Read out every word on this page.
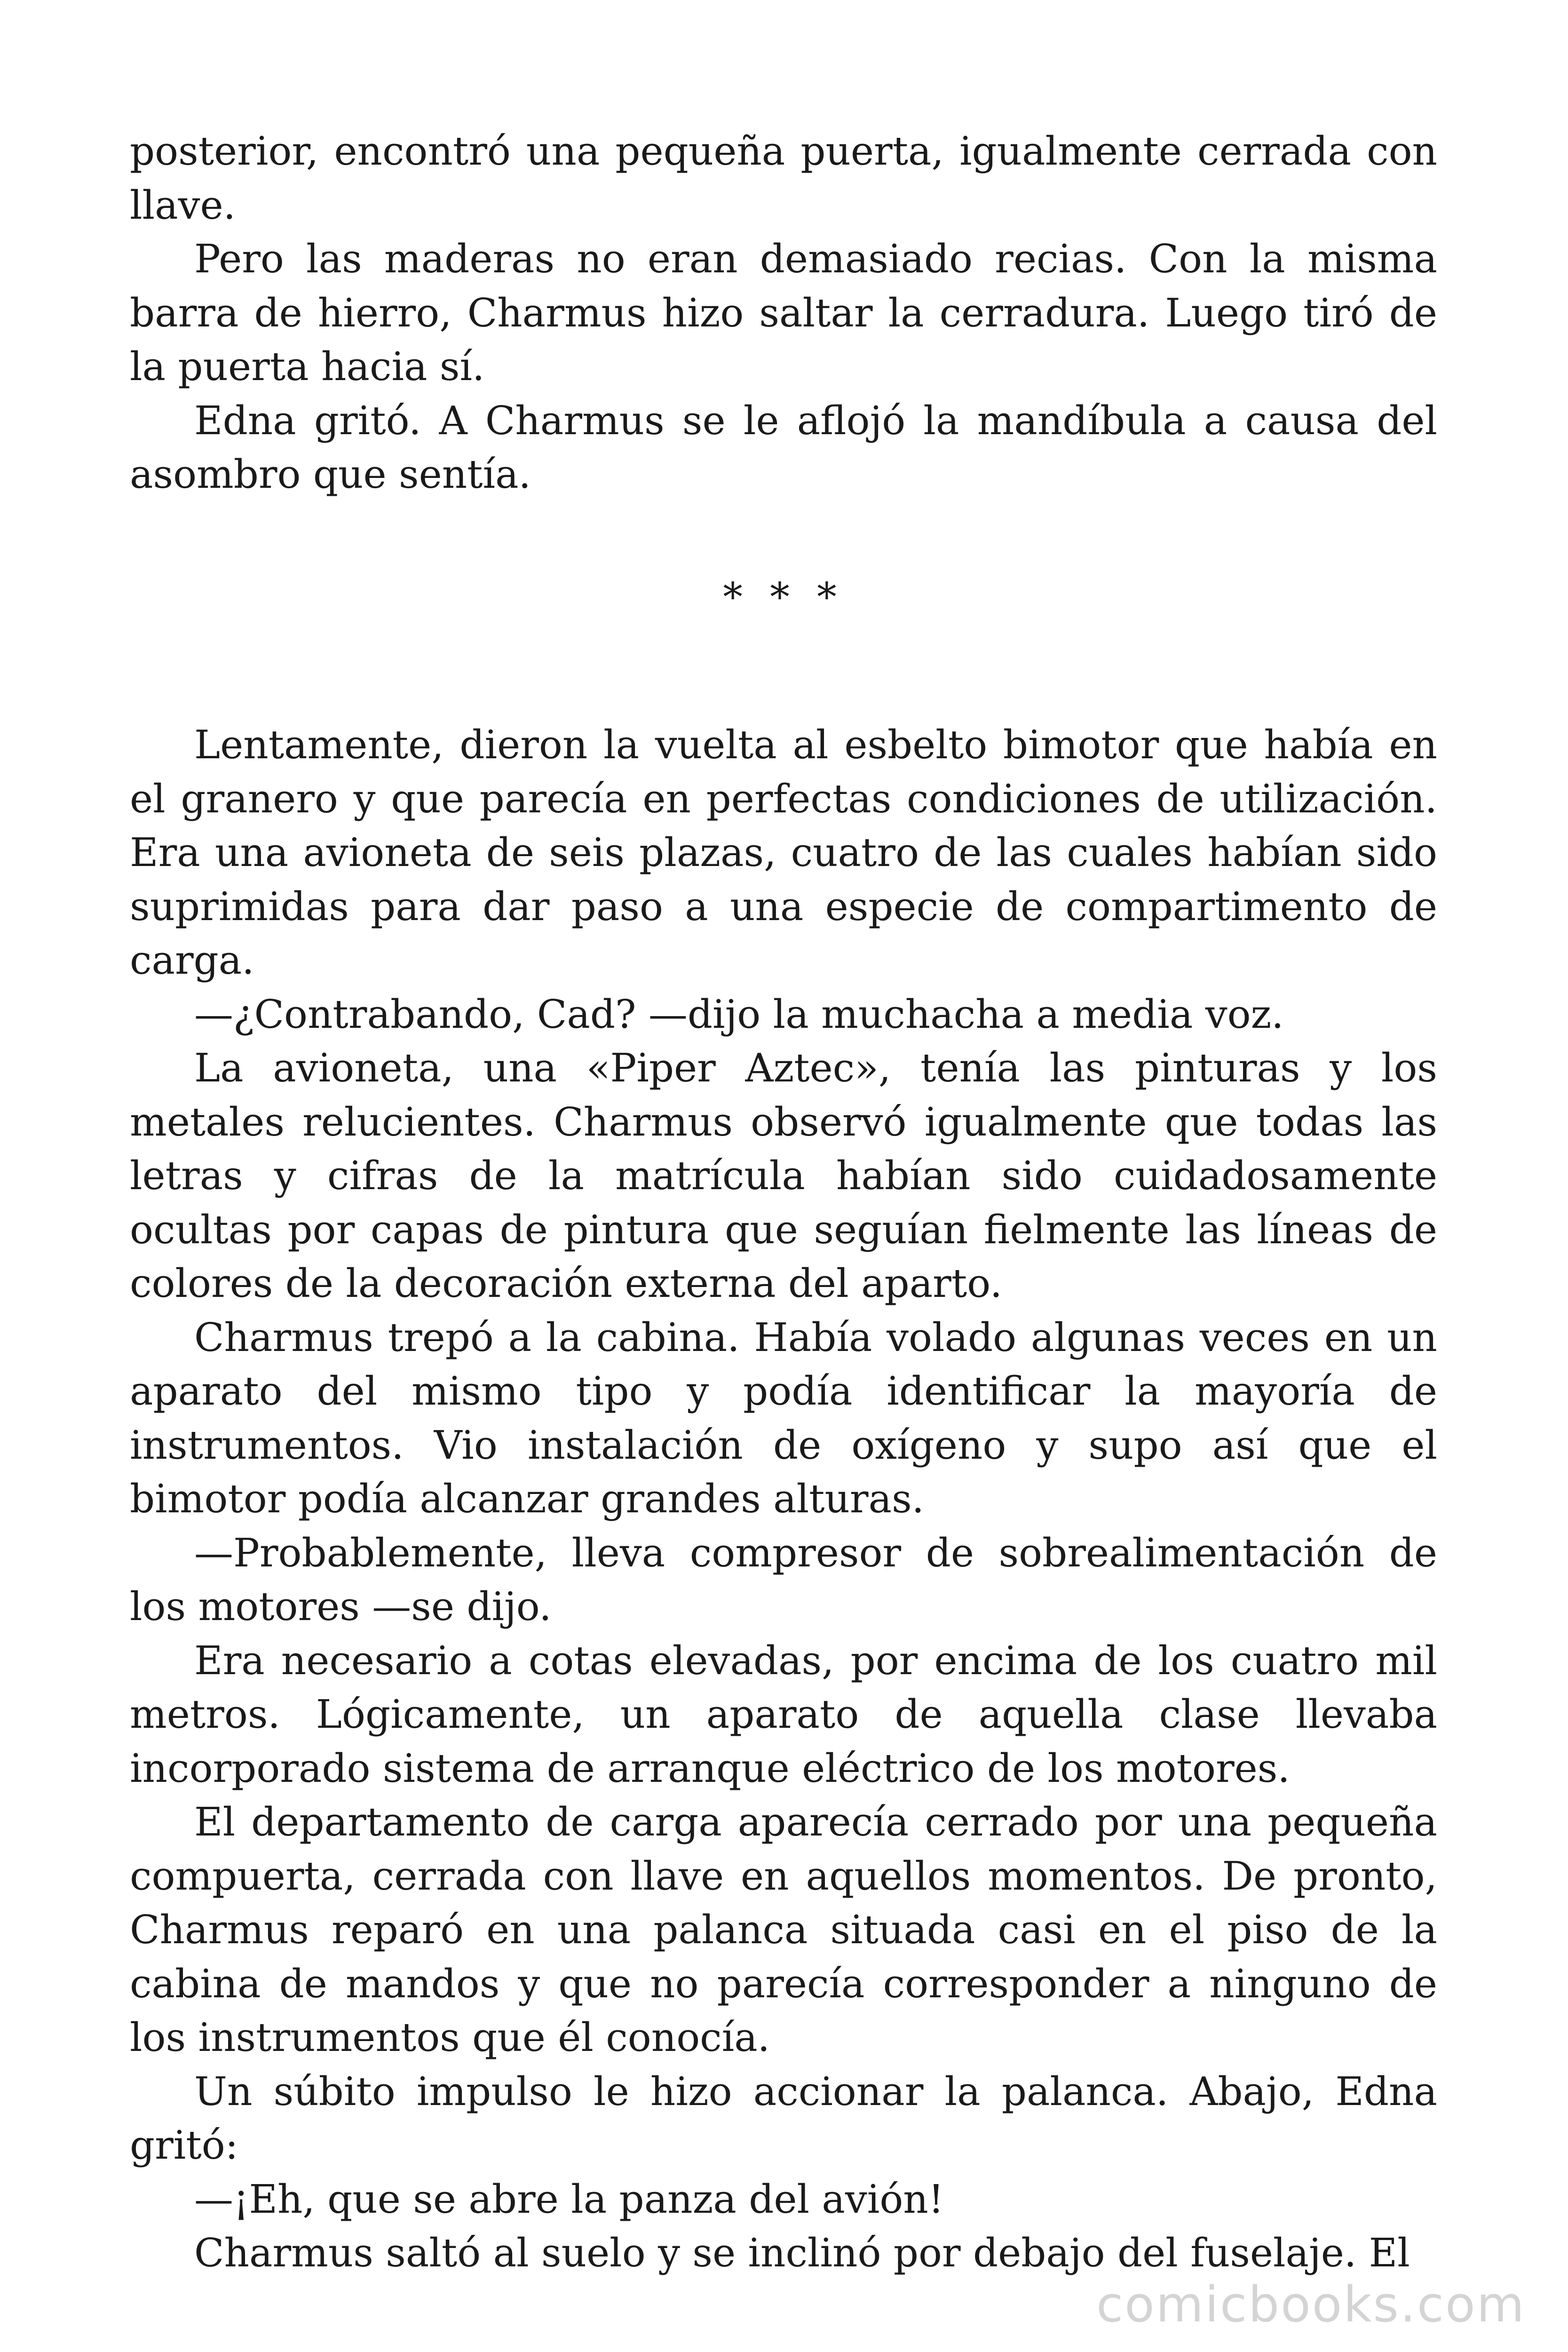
posterior, encontró una pequeña puerta, igualmente cerrada con llave.

Pero las maderas no eran demasiado recias. Con la misma barra de hierro, Charmus hizo saltar la cerradura. Luego tiró de la puerta hacia sí.

Edna gritó. A Charmus se le aflojó la mandíbula a causa del asombro que sentía.

* * *

Lentamente, dieron la vuelta al esbelto bimotor que había en el granero y que parecía en perfectas condiciones de utilización. Era una avioneta de seis plazas, cuatro de las cuales habían sido suprimidas para dar paso a una especie de compartimento de carga.

—¿Contrabando, Cad? —dijo la muchacha a media voz.

La avioneta, una «Piper Aztec», tenía las pinturas y los metales relucientes. Charmus observó igualmente que todas las letras y cifras de la matrícula habían sido cuidadosamente ocultas por capas de pintura que seguían fielmente las líneas de colores de la decoración externa del aparto.

Charmus trepó a la cabina. Había volado algunas veces en un aparato del mismo tipo y podía identificar la mayoría de instrumentos. Vio instalación de oxígeno y supo así que el bimotor podía alcanzar grandes alturas.

—Probablemente, lleva compresor de sobrealimentación de los motores —se dijo.

Era necesario a cotas elevadas, por encima de los cuatro mil metros. Lógicamente, un aparato de aquella clase llevaba incorporado sistema de arranque eléctrico de los motores.

El departamento de carga aparecía cerrado por una pequeña compuerta, cerrada con llave en aquellos momentos. De pronto, Charmus reparó en una palanca situada casi en el piso de la cabina de mandos y que no parecía corresponder a ninguno de los instrumentos que él conocía.

Un súbito impulso le hizo accionar la palanca. Abajo, Edna gritó:

—¡Eh, que se abre la panza del avión!

Charmus saltó al suelo y se inclinó por debajo del fuselaje. El

comicbooks.com
